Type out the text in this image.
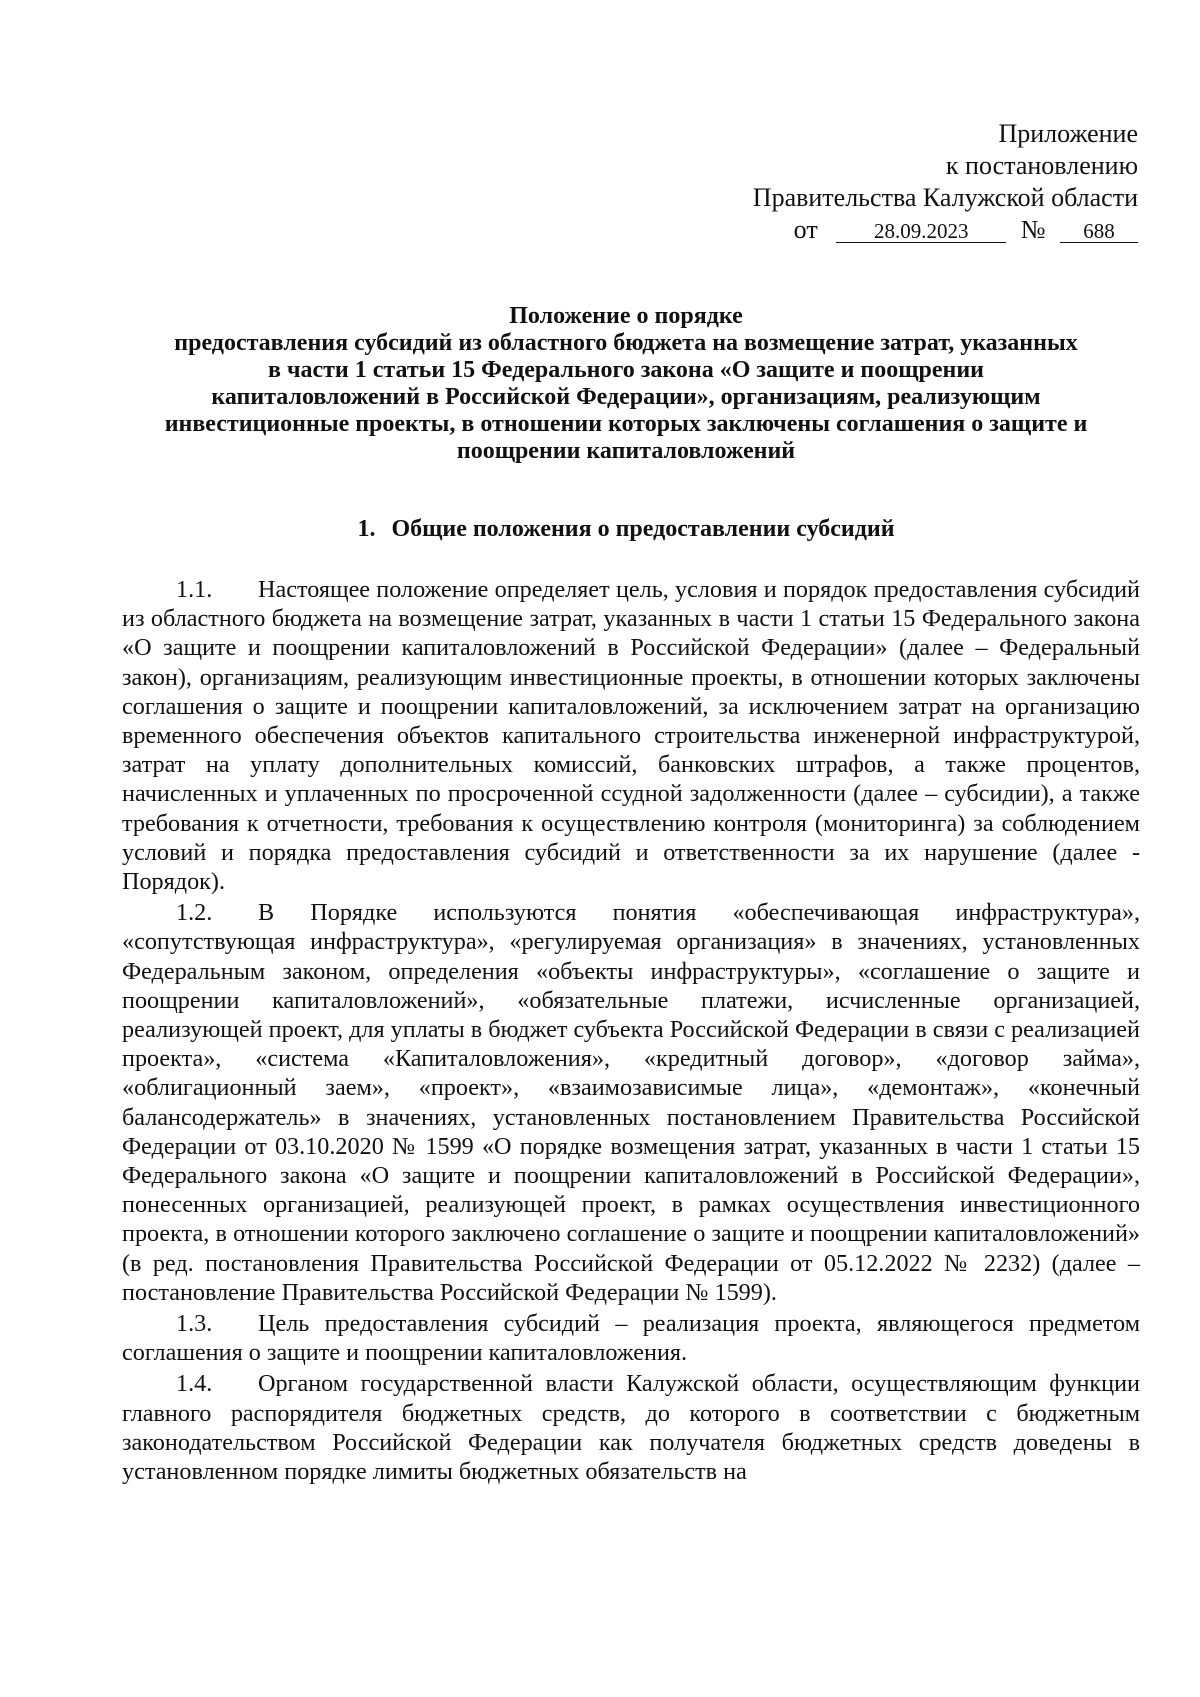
Приложение
к постановлению
Правительства Калужской области
от	28.09.2023 № 688
Положение о порядке
предоставления субсидий из областного бюджета на возмещение затрат, указанных
в части 1 статьи 15 Федерального закона «О защите и поощрении
капиталовложений в Российской Федерации», организациям, реализующим
инвестиционные проекты, в отношении которых заключены соглашения о защите и
поощрении капиталовложений
1. Общие положения о предоставлении субсидий

1.1. Настоящее положение определяет цель, условия и порядок предоставления субсидий из областного бюджета на возмещение затрат, указанных в части 1 статьи 15 Федерального закона «О защите и поощрении капиталовложений в Российской Федерации» (далее – Федеральный закон), организациям, реализующим инвестиционные проекты, в отношении которых заключены соглашения о защите и поощрении капиталовложений, за исключением затрат на организацию временного обеспечения объектов капитального строительства инженерной инфраструктурой, затрат на уплату дополнительных комиссий, банковских штрафов, а также процентов, начисленных и уплаченных по просроченной ссудной задолженности (далее – субсидии), а также требования к отчетности, требования к осуществлению контроля (мониторинга) за соблюдением условий и порядка предоставления субсидий и ответственности за их нарушение (далее - Порядок).

1.2. В Порядке используются понятия «обеспечивающая инфраструктура», «сопутствующая инфраструктура», «регулируемая организация» в значениях, установленных Федеральным законом, определения «объекты инфраструктуры», «соглашение о защите и поощрении капиталовложений», «обязательные платежи, исчисленные организацией, реализующей проект, для уплаты в бюджет субъекта Российской Федерации в связи с реализацией проекта», «система «Капиталовложения», «кредитный договор», «договор займа», «облигационный заем», «проект», «взаимозависимые лица», «демонтаж», «конечный балансодержатель» в значениях, установленных постановлением Правительства Российской Федерации от 03.10.2020 № 1599 «О порядке возмещения затрат, указанных в части 1 статьи 15 Федерального закона «О защите и поощрении капиталовложений в Российской Федерации», понесенных организацией, реализующей проект, в рамках осуществления инвестиционного проекта, в отношении которого заключено соглашение о защите и поощрении капиталовложений» (в ред. постановления Правительства Российской Федерации от 05.12.2022 № 2232) (далее – постановление Правительства Российской Федерации № 1599).

1.3. Цель предоставления субсидий – реализация проекта, являющегося предметом соглашения о защите и поощрении капиталовложения.

1.4. Органом государственной власти Калужской области, осуществляющим функции главного распорядителя бюджетных средств, до которого в соответствии с бюджетным законодательством Российской Федерации как получателя бюджетных средств доведены в установленном порядке лимиты бюджетных обязательств на
